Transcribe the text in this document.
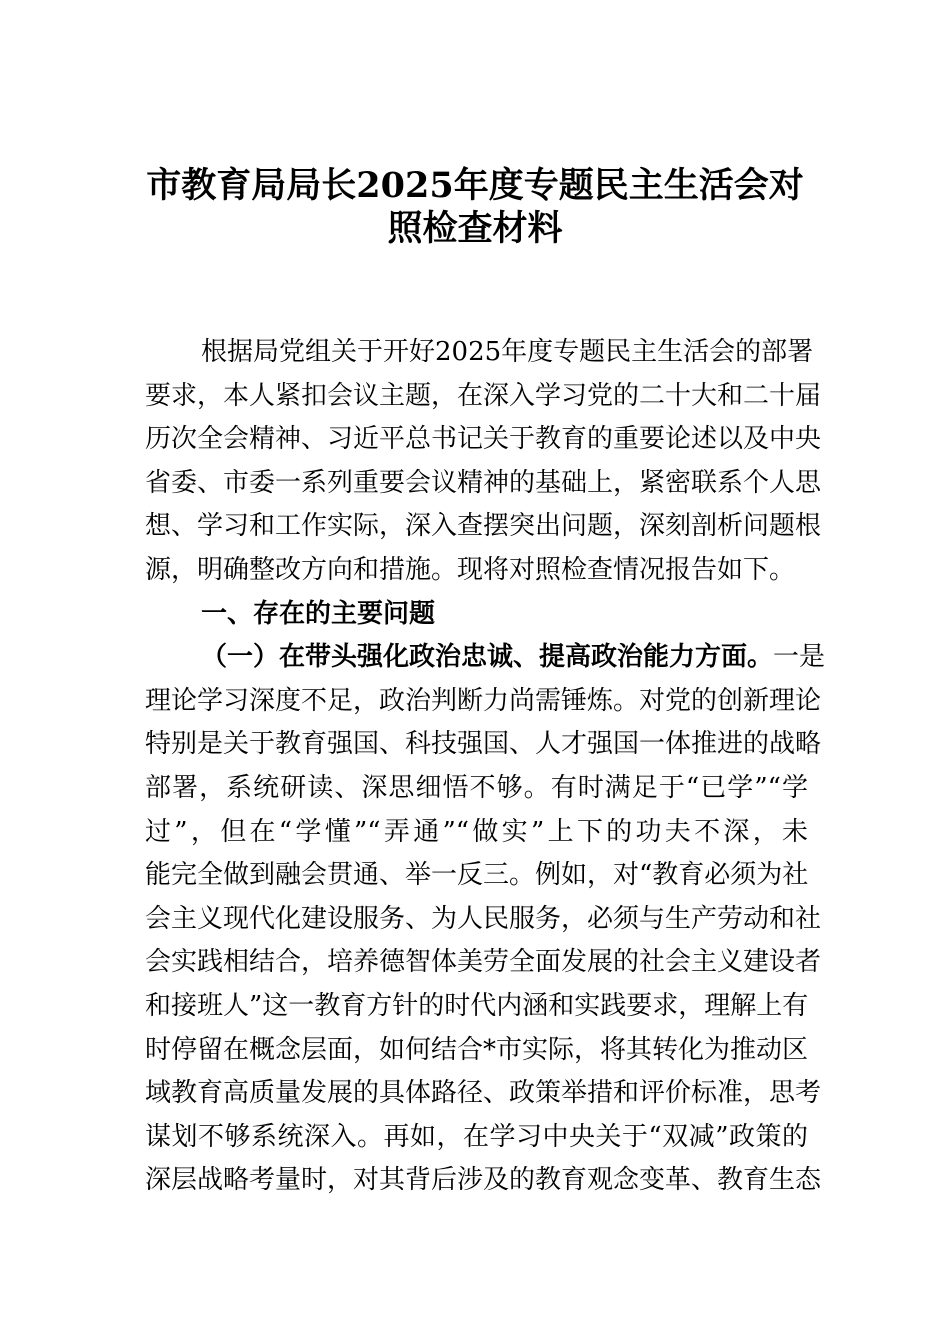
市教育局局长2025年度专题民主生活会对
照检查材料
根据局党组关于开好2025年度专题民主生活会的部署
要求，本人紧扣会议主题，在深入学习党的二十大和二十届
历次全会精神、习近平总书记关于教育的重要论述以及中央
省委、市委一系列重要会议精神的基础上，紧密联系个人思
想、学习和工作实际，深入查摆突出问题，深刻剖析问题根
源，明确整改方向和措施。现将对照检查情况报告如下。
一、存在的主要问题
（一）在带头强化政治忠诚、提高政治能力方面。一是
理论学习深度不足，政治判断力尚需锤炼。对党的创新理论
特别是关于教育强国、科技强国、人才强国一体推进的战略
部署，系统研读、深思细悟不够。有时满足于“已学”“学
过”，但在“学懂”“弄通”“做实”上下的功夫不深，未
能完全做到融会贯通、举一反三。例如，对“教育必须为社
会主义现代化建设服务、为人民服务，必须与生产劳动和社
会实践相结合，培养德智体美劳全面发展的社会主义建设者
和接班人”这一教育方针的时代内涵和实践要求，理解上有
时停留在概念层面，如何结合*市实际，将其转化为推动区
域教育高质量发展的具体路径、政策举措和评价标准，思考
谋划不够系统深入。再如，在学习中央关于“双减”政策的
深层战略考量时，对其背后涉及的教育观念变革、教育生态
